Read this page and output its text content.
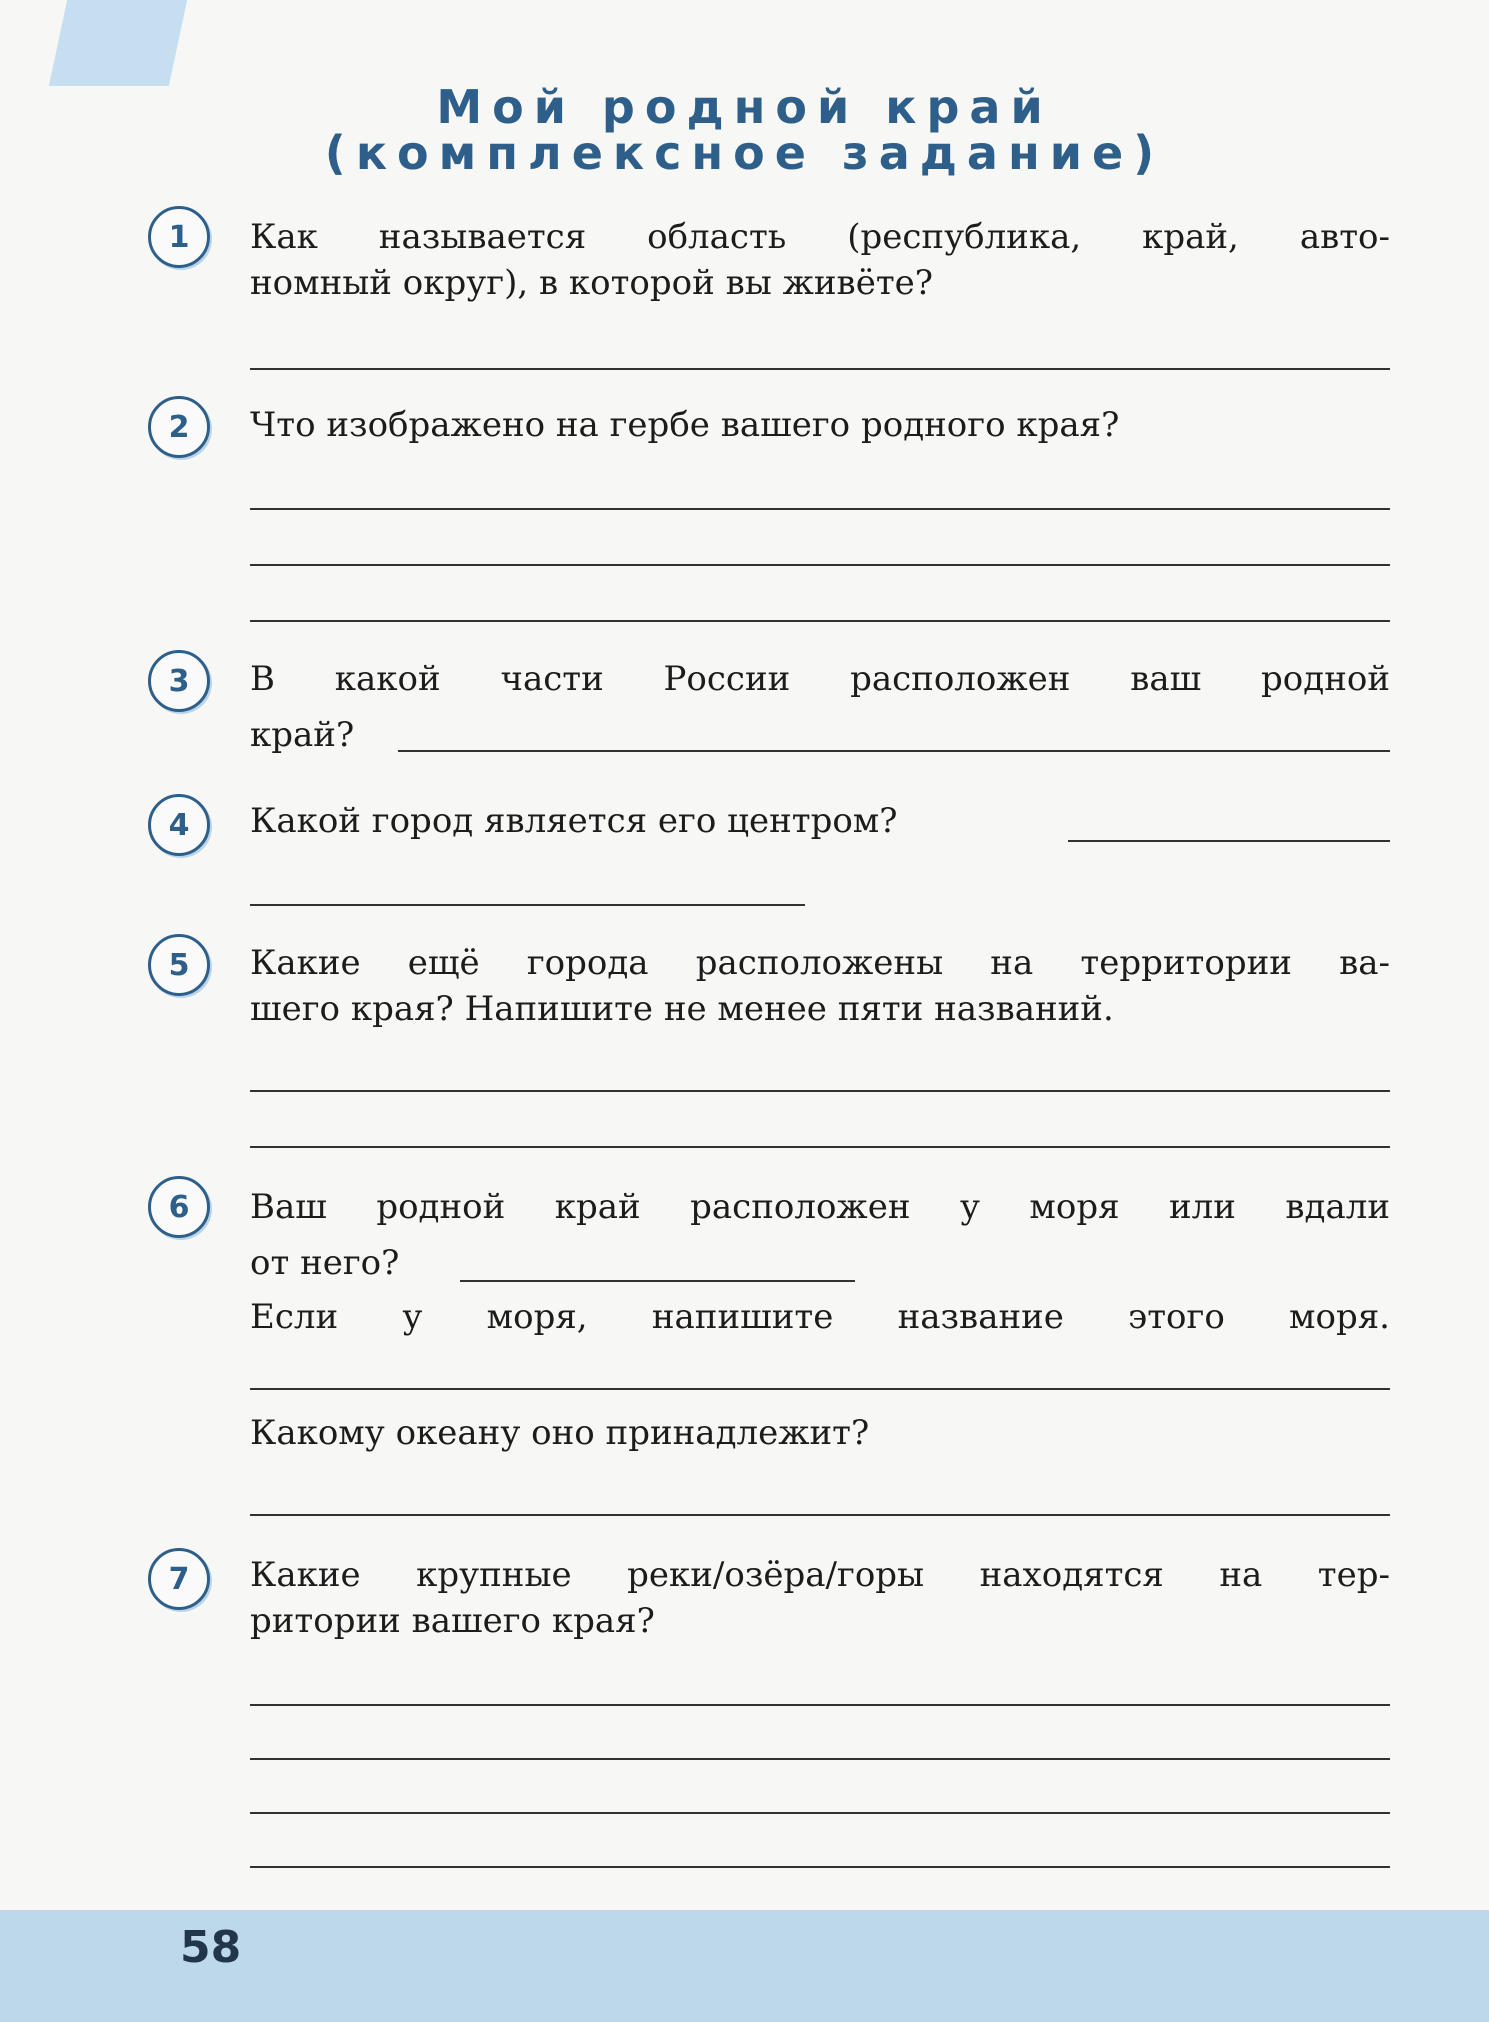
Мой родной край
(комплексное задание)
1	Как называется область (республика, край, авто-
номный округ), в которой вы живёте?
2	Что изображено на гербе вашего родного края?
3	В какой части России расположен ваш родной
край?
4	Какой город является его центром?
5	Какие ещё города расположены на территории ва-
шего края? Напишите не менее пяти названий.
6	Ваш родной край расположен у моря или вдали
от него?
Если у моря, напишите название этого моря.
Какому океану оно принадлежит?
7	Какие крупные реки/озёра/горы находятся на тер-
ритории вашего края?
58
